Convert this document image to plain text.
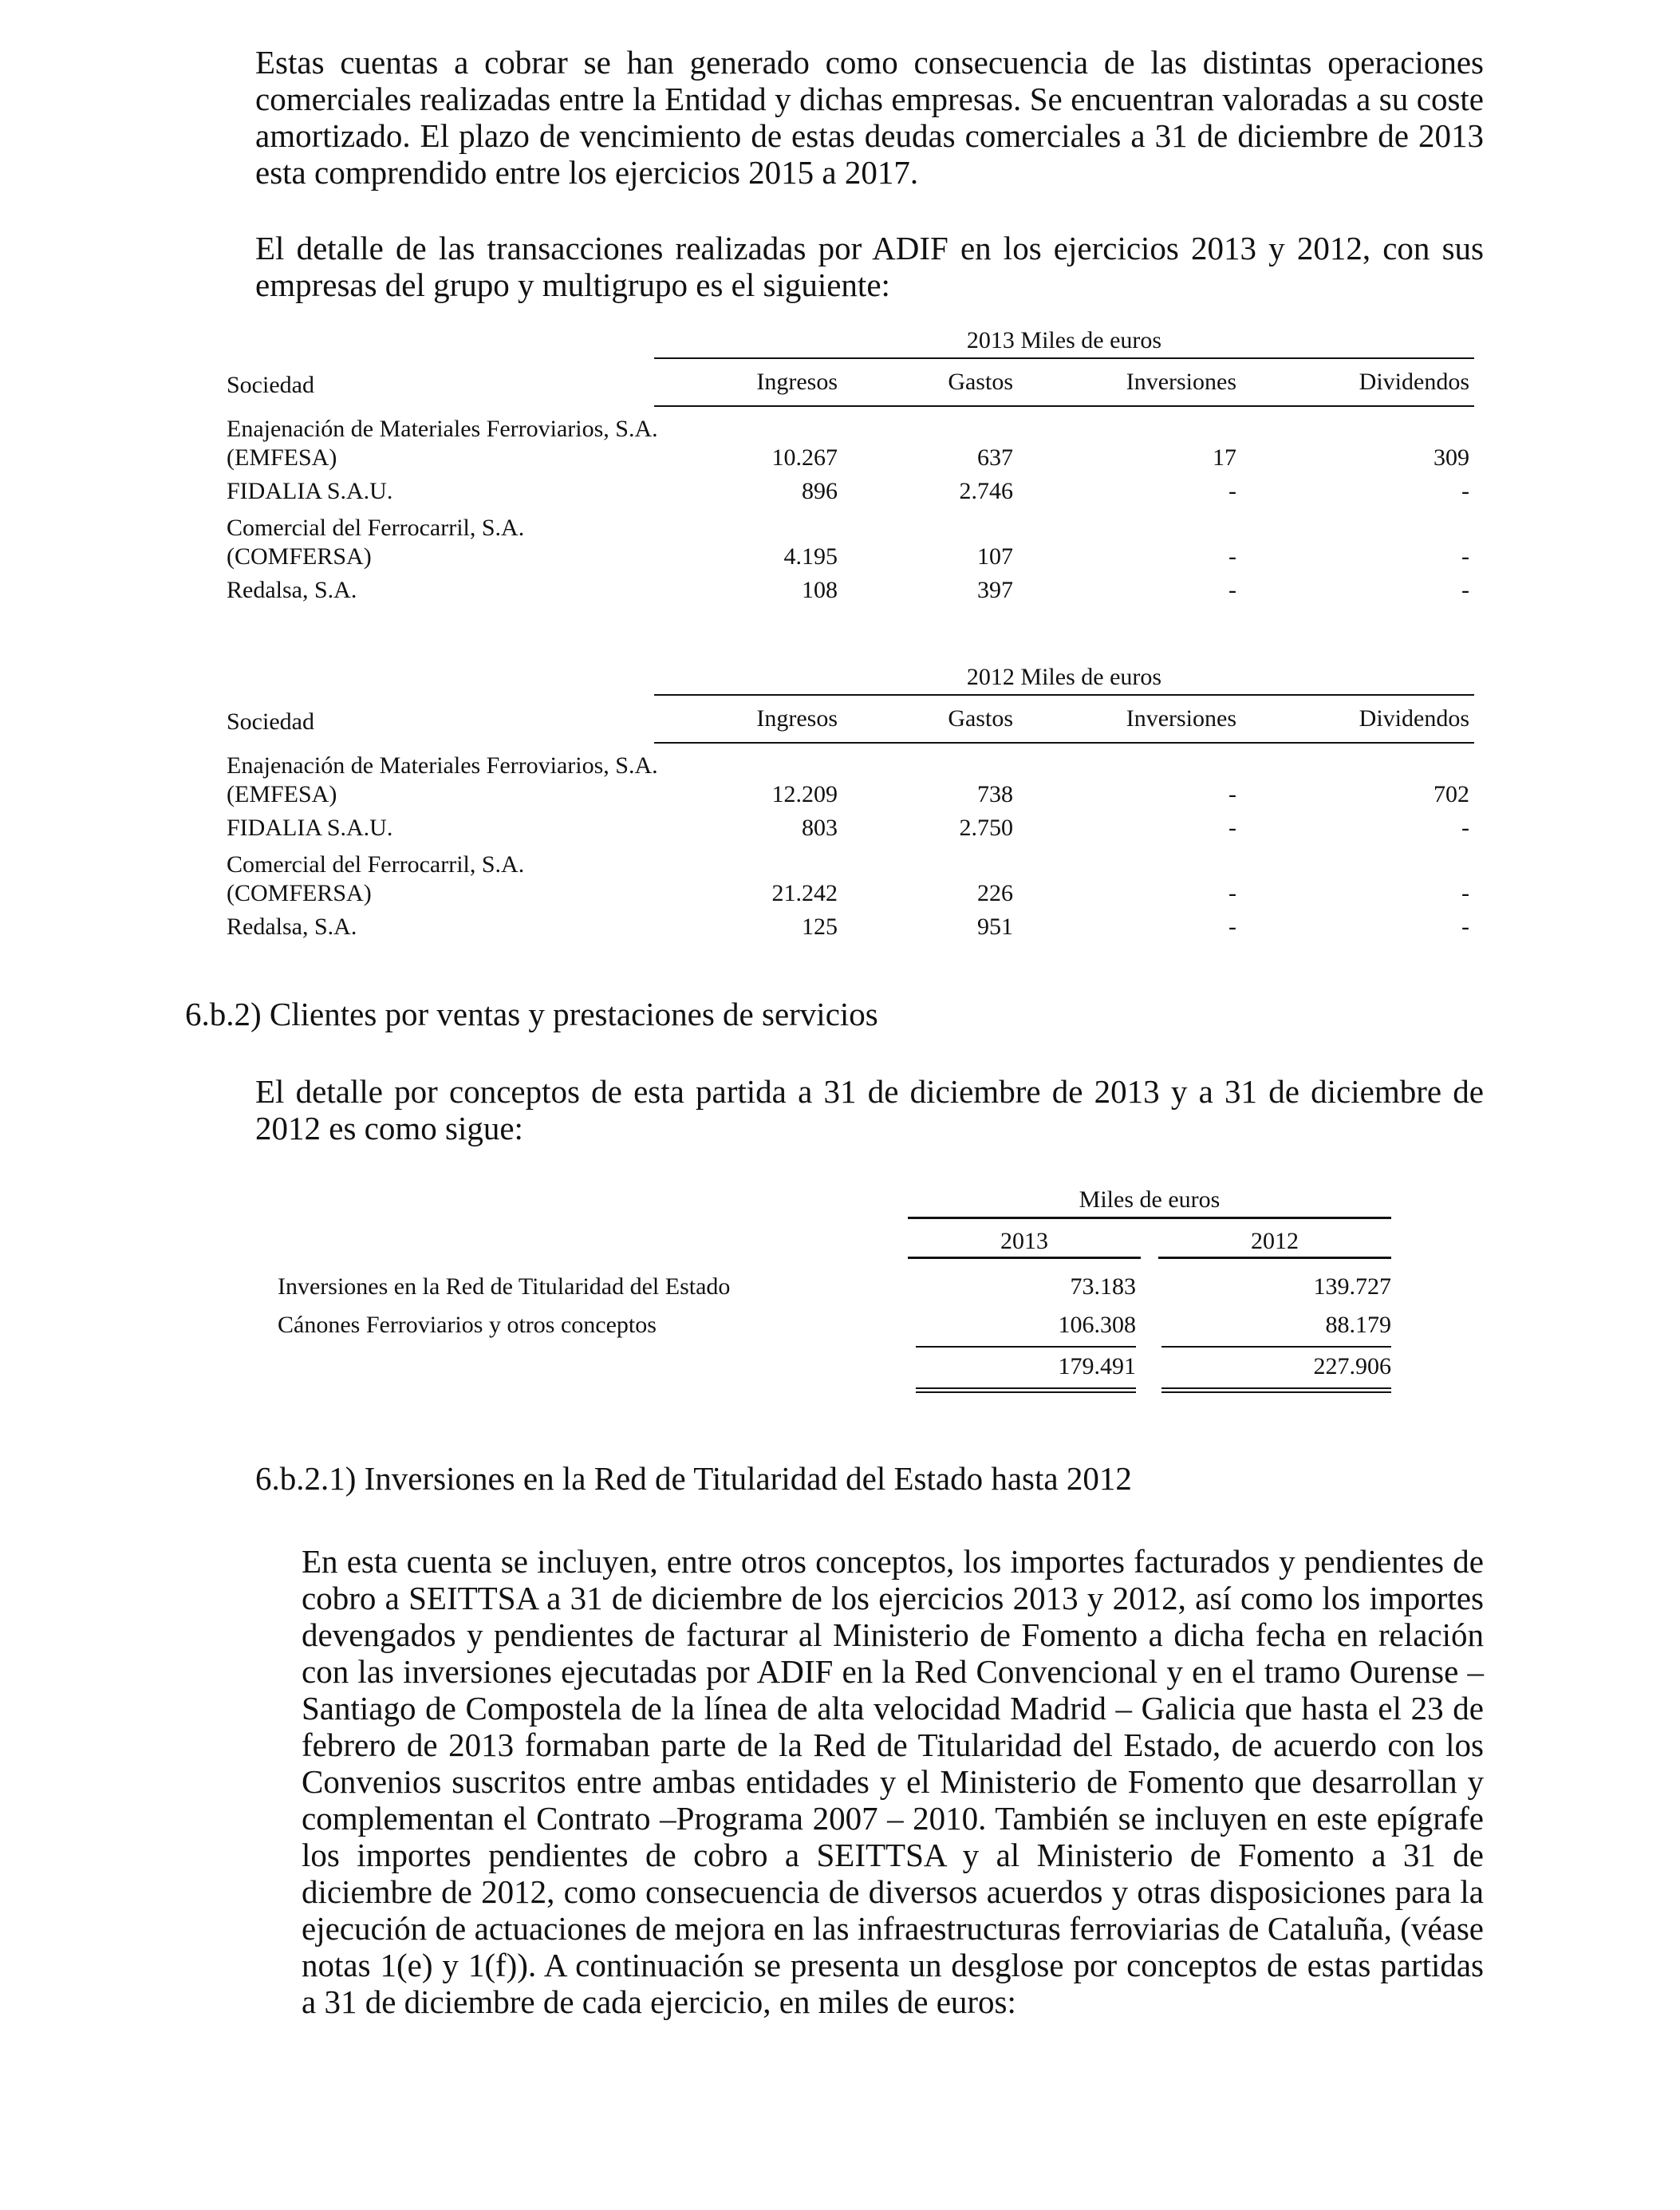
Estas cuentas a cobrar se han generado como consecuencia de las distintas operaciones comerciales realizadas entre la Entidad y dichas empresas. Se encuentran valoradas a su coste amortizado. El plazo de vencimiento de estas deudas comerciales a 31 de diciembre de 2013 esta comprendido entre los ejercicios 2015 a 2017.

El detalle de las transacciones realizadas por ADIF en los ejercicios 2013 y 2012, con sus empresas del grupo y multigrupo es el siguiente:

2013 Miles de euros
Sociedad	Ingresos	Gastos	Inversiones	Dividendos
Enajenación de Materiales Ferroviarios, S.A. (EMFESA)	10.267	637	17	309
FIDALIA S.A.U.	896	2.746	-	-
Comercial del Ferrocarril, S.A. (COMFERSA)	4.195	107	-	-
Redalsa, S.A.	108	397	-	-
2012 Miles de euros
Sociedad	Ingresos	Gastos	Inversiones	Dividendos
Enajenación de Materiales Ferroviarios, S.A. (EMFESA)	12.209	738	-	702
FIDALIA S.A.U.	803	2.750	-	-
Comercial del Ferrocarril, S.A. (COMFERSA)	21.242	226	-	-
Redalsa, S.A.	125	951	-	-
6.b.2) Clientes por ventas y prestaciones de servicios

El detalle por conceptos de esta partida a 31 de diciembre de 2013 y a 31 de diciembre de 2012 es como sigue:

Miles de euros
2013	2012
Inversiones en la Red de Titularidad del Estado	73.183	139.727
Cánones Ferroviarios y otros conceptos	106.308	88.179
179.491	227.906
6.b.2.1) Inversiones en la Red de Titularidad del Estado hasta 2012

En esta cuenta se incluyen, entre otros conceptos, los importes facturados y pendientes de cobro a SEITTSA a 31 de diciembre de los ejercicios 2013 y 2012, así como los importes devengados y pendientes de facturar al Ministerio de Fomento a dicha fecha en relación con las inversiones ejecutadas por ADIF en la Red Convencional y en el tramo Ourense – Santiago de Compostela de la línea de alta velocidad Madrid – Galicia que hasta el 23 de febrero de 2013 formaban parte de la Red de Titularidad del Estado, de acuerdo con los Convenios suscritos entre ambas entidades y el Ministerio de Fomento que desarrollan y complementan el Contrato –Programa 2007 – 2010. También se incluyen en este epígrafe los importes pendientes de cobro a SEITTSA y al Ministerio de Fomento a 31 de diciembre de 2012, como consecuencia de diversos acuerdos y otras disposiciones para la ejecución de actuaciones de mejora en las infraestructuras ferroviarias de Cataluña, (véase notas 1(e) y 1(f)). A continuación se presenta un desglose por conceptos de estas partidas a 31 de diciembre de cada ejercicio, en miles de euros:
